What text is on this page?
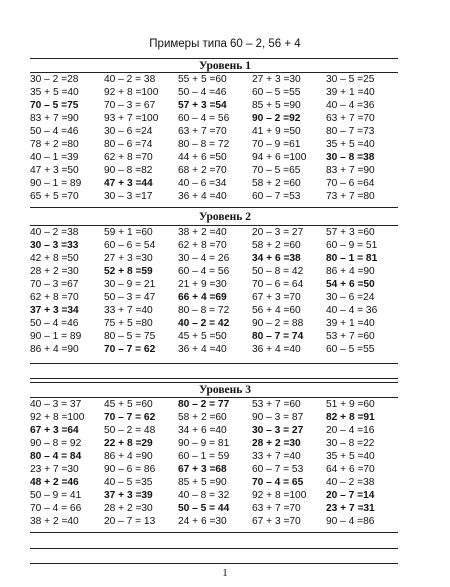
Примеры типа 60 – 2, 56 + 4
Уровень 1
30 – 2 =28	40 – 2 = 38	55 + 5 =60	27 + 3 =30	30 – 5 =25
35 + 5 =40	92 + 8 =100	50 – 4 =46	60 – 5 =55	39 + 1 =40
70 – 5 =75	70 – 3 = 67	57 + 3 =54	85 + 5 =90	40 – 4 =36
83 + 7 =90	93 + 7 =100	60 – 4 = 56	90 – 2 =92	63 + 7 =70
50 – 4 =46	30 – 6 =24	63 + 7 =70	41 + 9 =50	80 – 7 =73
78 + 2 =80	80 – 6 =74	80 – 8 = 72	70 – 9 =61	35 + 5 =40
40 – 1 =39	62 + 8 =70	44 + 6 =50	94 + 6 =100	30 – 8 =38
47 + 3 =50	90 – 8 =82	68 + 2 =70	70 – 5 =65	83 + 7 =90
90 – 1 = 89	47 + 3 =44	40 – 6 =34	58 + 2 =60	70 – 6 =64
65 + 5 =70	30 – 3 =17	36 + 4 =40	60 – 7 =53	73 + 7 =80
Уровень 2
40 – 2 =38	59 + 1 =60	38 + 2 =40	20 – 3 = 27	57 + 3 =60
30 – 3 =33	60 – 6 = 54	62 + 8 =70	58 + 2 =60	60 – 9 = 51
42 + 8 =50	27 + 3 =30	30 – 4 = 26	34 + 6 =38	80 – 1 = 81
28 + 2 =30	52 + 8 =59	60 – 4 = 56	50 – 8 = 42	86 + 4 =90
70 – 3 =67	30 – 9 = 21	21 + 9 =30	70 – 6 = 64	54 + 6 =50
62 + 8 =70	50 – 3 = 47	66 + 4 =69	67 + 3 =70	30 – 6 =24
37 + 3 =34	33 + 7 =40	80 – 8 = 72	56 + 4 =60	40 – 4 = 36
50 – 4 =46	75 + 5 =80	40 – 2 = 42	90 – 2 = 88	39 + 1 =40
90 – 1 = 89	80 – 5 = 75	45 + 5 =50	80 – 7 = 74	53 + 7 =60
86 + 4 =90	70 – 7 = 62	36 + 4 =40	36 + 4 =40	60 – 5 =55
Уровень 3
40 – 3 = 37	45 + 5 =60	80 – 2 = 77	53 + 7 =60	51 + 9 =60
92 + 8 =100	70 – 7 = 62	58 + 2 =60	90 – 3 = 87	82 + 8 =91
67 + 3 =64	50 – 2 = 48	34 + 6 =40	30 – 3 = 27	20 – 4 =16
90 – 8 = 92	22 + 8 =29	90 – 9 = 81	28 + 2 =30	30 – 8 =22
80 – 4 = 84	86 + 4 =90	60 – 1 = 59	33 + 7 =40	35 + 5 =40
23 + 7 =30	90 – 6 = 86	67 + 3 =68	60 – 7 = 53	64 + 6 =70
48 + 2 =46	40 – 5 =35	85 + 5 =90	70 – 4 = 65	40 – 2 =38
50 – 9 = 41	37 + 3 =39	40 – 8 = 32	92 + 8 =100	20 – 7 =14
70 – 4 = 66	28 + 2 =30	50 – 5 = 44	63 + 7 =70	23 + 7 =31
38 + 2 =40	20 – 7 = 13	24 + 6 =30	67 + 3 =70	90 – 4 =86
1
